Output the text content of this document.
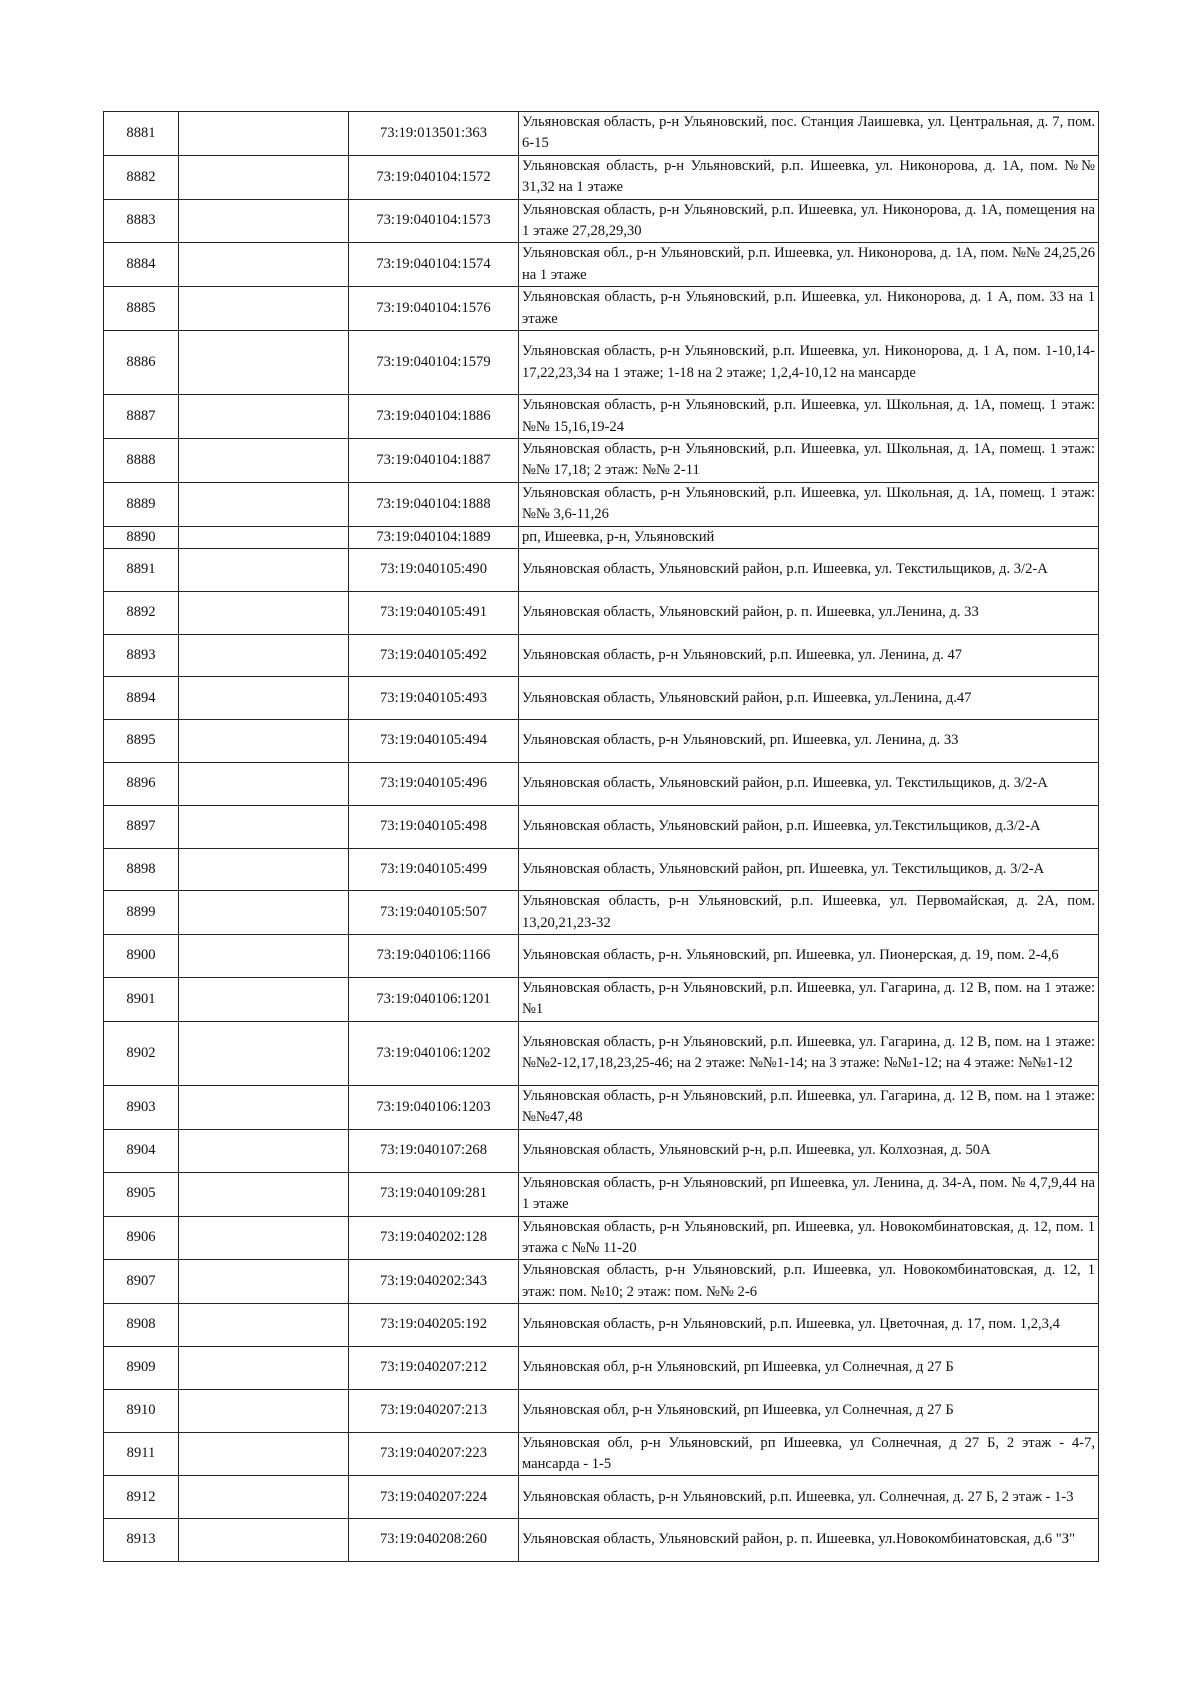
8881		73:19:013501:363	Ульяновская область, р-н Ульяновский, пос. Станция Лаишевка, ул. Центральная, д. 7, пом. 6-15
8882		73:19:040104:1572	Ульяновская область, р-н Ульяновский, р.п. Ишеевка, ул. Никонорова, д. 1А, пом. №№ 31,32 на 1 этаже
8883		73:19:040104:1573	Ульяновская область, р-н Ульяновский, р.п. Ишеевка, ул. Никонорова, д. 1А, помещения на 1 этаже 27,28,29,30
8884		73:19:040104:1574	Ульяновская обл., р-н Ульяновский, р.п. Ишеевка, ул. Никонорова, д. 1А, пом. №№ 24,25,26 на 1 этаже
8885		73:19:040104:1576	Ульяновская область, р-н Ульяновский, р.п. Ишеевка, ул. Никонорова, д. 1 А, пом. 33 на 1 этаже
8886		73:19:040104:1579	Ульяновская область, р-н Ульяновский, р.п. Ишеевка, ул. Никонорова, д. 1 А, пом. 1-10,14-17,22,23,34 на 1 этаже; 1-18 на 2 этаже; 1,2,4-10,12 на мансарде
8887		73:19:040104:1886	Ульяновская область, р-н Ульяновский, р.п. Ишеевка, ул. Школьная, д. 1А, помещ. 1 этаж: №№ 15,16,19-24
8888		73:19:040104:1887	Ульяновская область, р-н Ульяновский, р.п. Ишеевка, ул. Школьная, д. 1А, помещ. 1 этаж: №№ 17,18; 2 этаж: №№ 2-11
8889		73:19:040104:1888	Ульяновская область, р-н Ульяновский, р.п. Ишеевка, ул. Школьная, д. 1А, помещ. 1 этаж: №№ 3,6-11,26
8890		73:19:040104:1889	рп, Ишеевка, р-н, Ульяновский
8891		73:19:040105:490	Ульяновская область, Ульяновский район, р.п. Ишеевка, ул. Текстильщиков, д. 3/2-А
8892		73:19:040105:491	Ульяновская область, Ульяновский район, р. п. Ишеевка, ул.Ленина, д. 33
8893		73:19:040105:492	Ульяновская область, р-н Ульяновский, р.п. Ишеевка, ул. Ленина, д. 47
8894		73:19:040105:493	Ульяновская область, Ульяновский район, р.п. Ишеевка, ул.Ленина, д.47
8895		73:19:040105:494	Ульяновская область, р-н Ульяновский, рп. Ишеевка, ул. Ленина, д. 33
8896		73:19:040105:496	Ульяновская область, Ульяновский район, р.п. Ишеевка, ул. Текстильщиков, д. 3/2-А
8897		73:19:040105:498	Ульяновская область, Ульяновский район, р.п. Ишеевка, ул.Текстильщиков, д.3/2-А
8898		73:19:040105:499	Ульяновская область, Ульяновский район, рп. Ишеевка, ул. Текстильщиков, д. 3/2-А
8899		73:19:040105:507	Ульяновская область, р-н Ульяновский, р.п. Ишеевка, ул. Первомайская, д. 2А, пом. 13,20,21,23-32
8900		73:19:040106:1166	Ульяновская область, р-н. Ульяновский, рп. Ишеевка, ул. Пионерская, д. 19, пом. 2-4,6
8901		73:19:040106:1201	Ульяновская область, р-н Ульяновский, р.п. Ишеевка, ул. Гагарина, д. 12 В, пом. на 1 этаже: №1
8902		73:19:040106:1202	Ульяновская область, р-н Ульяновский, р.п. Ишеевка, ул. Гагарина, д. 12 В, пом. на 1 этаже: №№2-12,17,18,23,25-46; на 2 этаже: №№1-14; на 3 этаже: №№1-12; на 4 этаже: №№1-12
8903		73:19:040106:1203	Ульяновская область, р-н Ульяновский, р.п. Ишеевка, ул. Гагарина, д. 12 В, пом. на 1 этаже: №№47,48
8904		73:19:040107:268	Ульяновская область, Ульяновский р-н, р.п. Ишеевка, ул. Колхозная, д. 50А
8905		73:19:040109:281	Ульяновская область, р-н Ульяновский, рп Ишеевка, ул. Ленина, д. 34-А, пом. № 4,7,9,44 на 1 этаже
8906		73:19:040202:128	Ульяновская область, р-н Ульяновский, рп. Ишеевка, ул. Новокомбинатовская, д. 12, пом. 1 этажа с №№ 11-20
8907		73:19:040202:343	Ульяновская область, р-н Ульяновский, р.п. Ишеевка, ул. Новокомбинатовская, д. 12, 1 этаж: пом. №10; 2 этаж: пом. №№ 2-6
8908		73:19:040205:192	Ульяновская область, р-н Ульяновский, р.п. Ишеевка, ул. Цветочная, д. 17, пом. 1,2,3,4
8909		73:19:040207:212	Ульяновская обл, р-н Ульяновский, рп Ишеевка, ул Солнечная, д 27 Б
8910		73:19:040207:213	Ульяновская обл, р-н Ульяновский, рп Ишеевка, ул Солнечная, д 27 Б
8911		73:19:040207:223	Ульяновская обл, р-н Ульяновский, рп Ишеевка, ул Солнечная, д 27 Б, 2 этаж - 4-7, мансарда - 1-5
8912		73:19:040207:224	Ульяновская область, р-н Ульяновский, р.п. Ишеевка, ул. Солнечная, д. 27 Б, 2 этаж - 1-3
8913		73:19:040208:260	Ульяновская область, Ульяновский район, р. п. Ишеевка, ул.Новокомбинатовская, д.6 "З"
